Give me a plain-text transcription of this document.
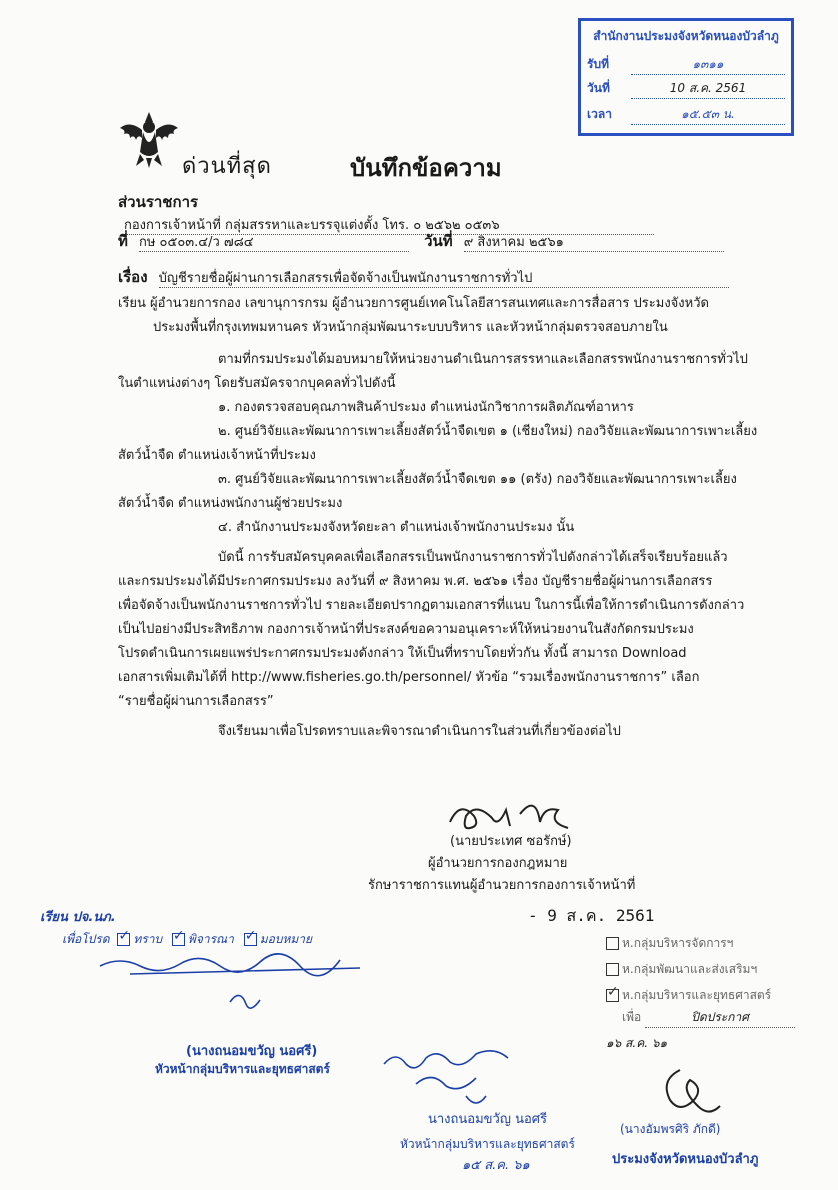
สำนักงานประมงจังหวัดหนองบัวลำภู
รับที่	๑๓๑๑
วันที่	10 ส.ค. 2561
เวลา	๑๕.๕๓ น.
ด่วนที่สุด	บันทึกข้อความ
ส่วนราชการ กองการเจ้าหน้าที่ กลุ่มสรรหาและบรรจุแต่งตั้ง โทร. ๐ ๒๕๖๒ ๐๕๓๖
ที่ กษ ๐๕๐๓.๔/ว ๗๘๔	วันที่ ๙ สิงหาคม ๒๕๖๑
เรื่อง บัญชีรายชื่อผู้ผ่านการเลือกสรรเพื่อจัดจ้างเป็นพนักงานราชการทั่วไป
เรียน ผู้อำนวยการกอง เลขานุการกรม ผู้อำนวยการศูนย์เทคโนโลยีสารสนเทศและการสื่อสาร ประมงจังหวัด
ประมงพื้นที่กรุงเทพมหานคร หัวหน้ากลุ่มพัฒนาระบบบริหาร และหัวหน้ากลุ่มตรวจสอบภายใน
ตามที่กรมประมงได้มอบหมายให้หน่วยงานดำเนินการสรรหาและเลือกสรรพนักงานราชการทั่วไป
ในตำแหน่งต่างๆ โดยรับสมัครจากบุคคลทั่วไปดังนี้
๑. กองตรวจสอบคุณภาพสินค้าประมง ตำแหน่งนักวิชาการผลิตภัณฑ์อาหาร
๒. ศูนย์วิจัยและพัฒนาการเพาะเลี้ยงสัตว์น้ำจืดเขต ๑ (เชียงใหม่) กองวิจัยและพัฒนาการเพาะเลี้ยง
สัตว์น้ำจืด ตำแหน่งเจ้าหน้าที่ประมง
๓. ศูนย์วิจัยและพัฒนาการเพาะเลี้ยงสัตว์น้ำจืดเขต ๑๑ (ตรัง) กองวิจัยและพัฒนาการเพาะเลี้ยง
สัตว์น้ำจืด ตำแหน่งพนักงานผู้ช่วยประมง
๔. สำนักงานประมงจังหวัดยะลา ตำแหน่งเจ้าพนักงานประมง นั้น
บัดนี้ การรับสมัครบุคคลเพื่อเลือกสรรเป็นพนักงานราชการทั่วไปดังกล่าวได้เสร็จเรียบร้อยแล้ว
และกรมประมงได้มีประกาศกรมประมง ลงวันที่ ๙ สิงหาคม พ.ศ. ๒๕๖๑ เรื่อง บัญชีรายชื่อผู้ผ่านการเลือกสรร
เพื่อจัดจ้างเป็นพนักงานราชการทั่วไป รายละเอียดปรากฏตามเอกสารที่แนบ ในการนี้เพื่อให้การดำเนินการดังกล่าว
เป็นไปอย่างมีประสิทธิภาพ กองการเจ้าหน้าที่ประสงค์ขอความอนุเคราะห์ให้หน่วยงานในสังกัดกรมประมง
โปรดดำเนินการเผยแพร่ประกาศกรมประมงดังกล่าว ให้เป็นที่ทราบโดยทั่วกัน ทั้งนี้ สามารถ Download
เอกสารเพิ่มเติมได้ที่ http://www.fisheries.go.th/personnel/ หัวข้อ “รวมเรื่องพนักงานราชการ” เลือก
“รายชื่อผู้ผ่านการเลือกสรร”
จึงเรียนมาเพื่อโปรดทราบและพิจารณาดำเนินการในส่วนที่เกี่ยวข้องต่อไป
(นายประเทศ ซอรักษ์)
ผู้อำนวยการกองกฎหมาย
รักษาราชการแทนผู้อำนวยการกองการเจ้าหน้าที่
- 9 ส.ค. 2561
เรียน ปจ.นภ.
เพื่อโปรด ✓ ทราบ ✓ พิจารณา ✓ มอบหมาย
(นางถนอมขวัญ นอศรี)
หัวหน้ากลุ่มบริหารและยุทธศาสตร์
นางถนอมขวัญ นอศรี
หัวหน้ากลุ่มบริหารและยุทธศาสตร์
๑๕ ส.ค. ๖๑
ห.กลุ่มบริหารจัดการฯ
ห.กลุ่มพัฒนาและส่งเสริมฯ
✓ห.กลุ่มบริหารและยุทธศาสตร์
เพื่อ	ปิดประกาศ
๑๖ ส.ค. ๖๑
(นางอัมพรศิริ ภักดี)
ประมงจังหวัดหนองบัวลำภู
